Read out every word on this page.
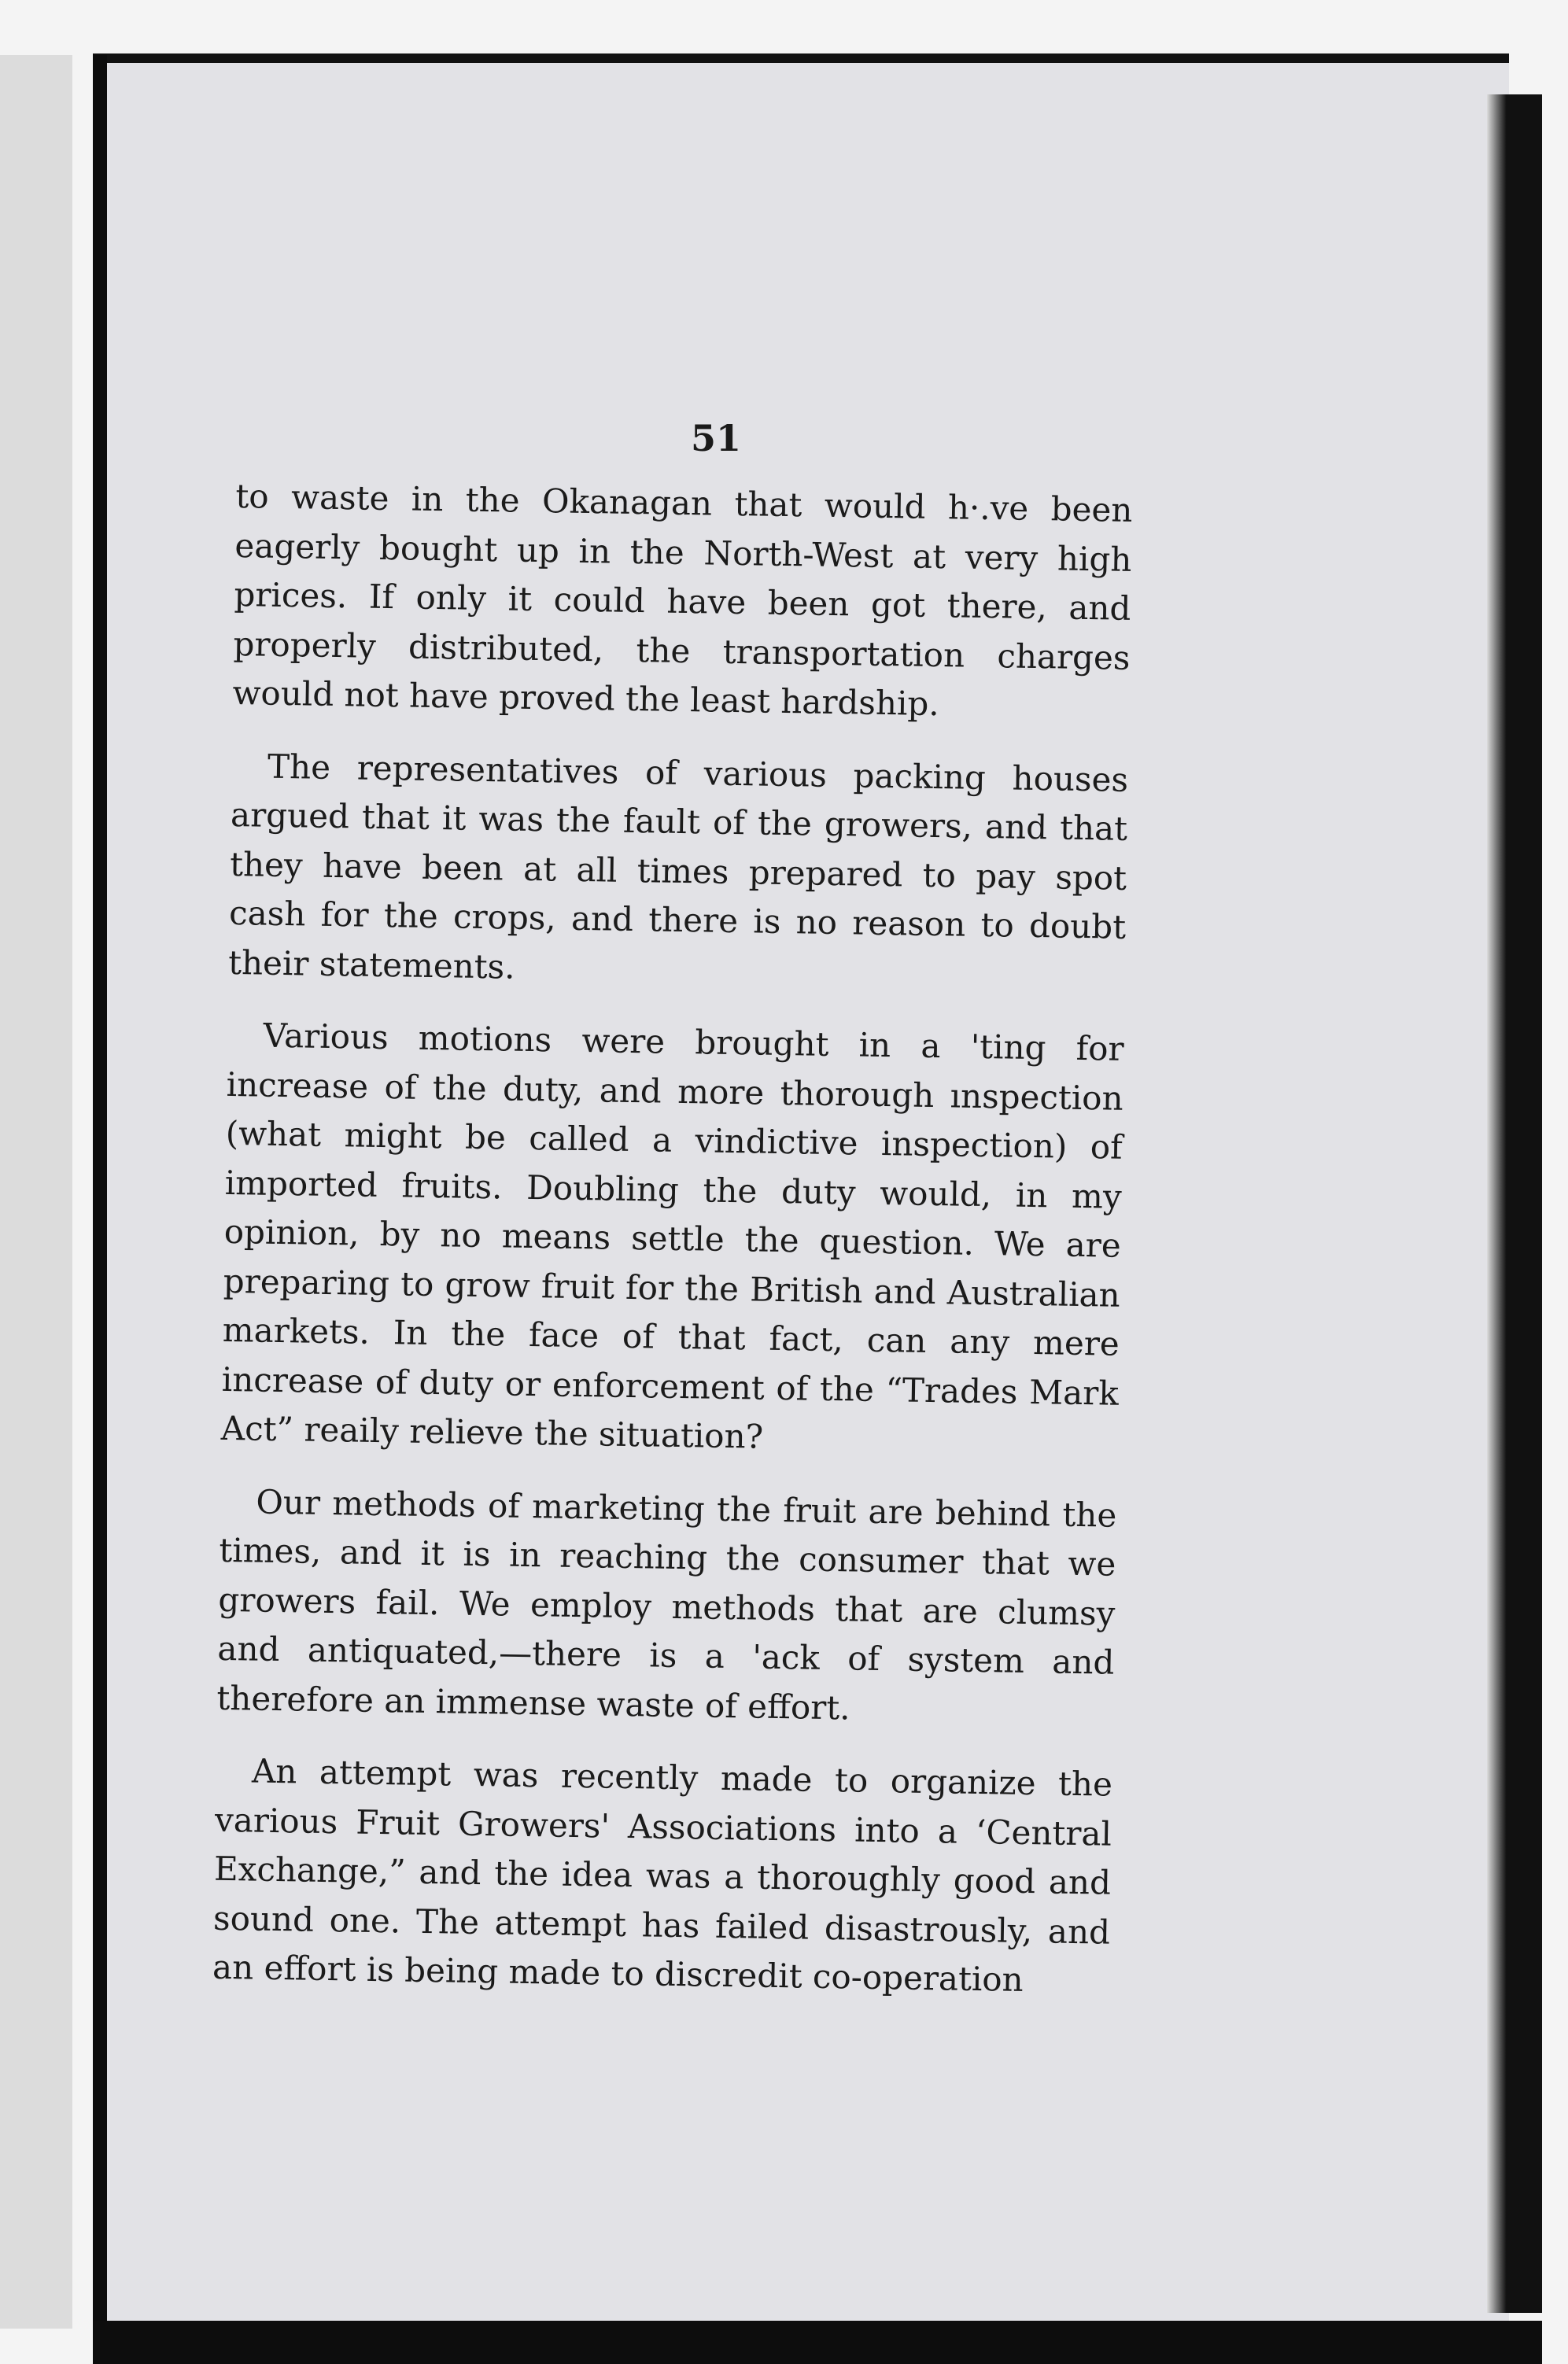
51

to waste in the Okanagan that would h·.ve been eagerly bought up in the North-West at very high prices. If only it could have been got there, and properly distributed, the transportation charges would not have proved the least hardship.

The representatives of various packing houses argued that it was the fault of the growers, and that they have been at all times prepared to pay spot cash for the crops, and there is no reason to doubt their statements.

Various motions were brought in a 'ting for increase of the duty, and more thorough ınspection (what might be called a vindictive inspection) of imported fruits. Doubling the duty would, in my opinion, by no means settle the question. We are preparing to grow fruit for the British and Australian markets. In the face of that fact, can any mere increase of duty or enforcement of the “Trades Mark Act” reaily relieve the situation?

Our methods of marketing the fruit are behind the times, and it is in reaching the consumer that we growers fail. We employ methods that are clumsy and antiquated,—there is a 'ack of system and therefore an immense waste of effort.

An attempt was recently made to organize the various Fruit Growers' Associations into a ‘Central Exchange,” and the idea was a thoroughly good and sound one. The attempt has failed disastrously, and an effort is being made to discredit co-operation
